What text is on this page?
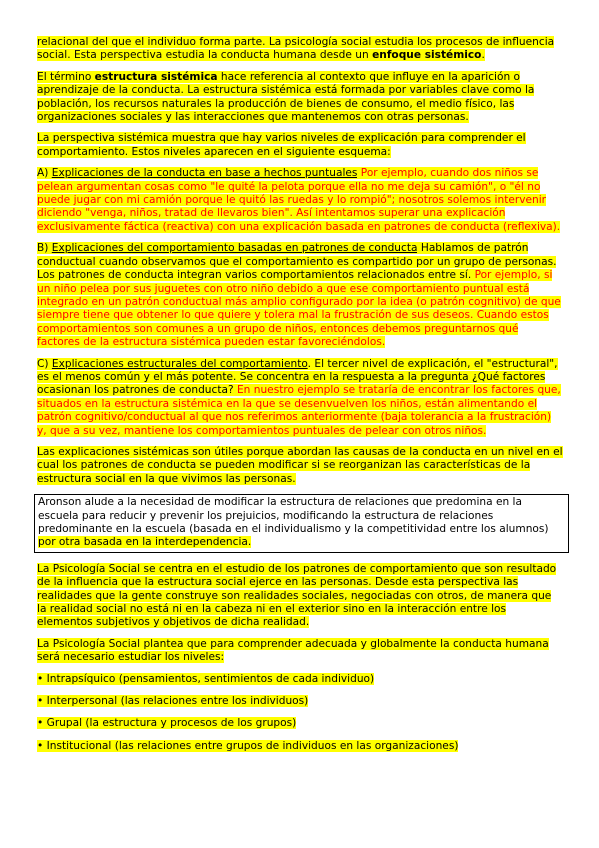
relacional del que el individuo forma parte. La psicología social estudia los procesos de influencia social. Esta perspectiva estudia la conducta humana desde un enfoque sistémico.

El término estructura sistémica hace referencia al contexto que influye en la aparición o aprendizaje de la conducta. La estructura sistémica está formada por variables clave como la población, los recursos naturales la producción de bienes de consumo, el medio físico, las organizaciones sociales y las interacciones que mantenemos con otras personas.

La perspectiva sistémica muestra que hay varios niveles de explicación para comprender el comportamiento. Estos niveles aparecen en el siguiente esquema:

A) Explicaciones de la conducta en base a hechos puntuales Por ejemplo, cuando dos niños se pelean argumentan cosas como "le quité la pelota porque ella no me deja su camión", o "él no puede jugar con mi camión porque le quitó las ruedas y lo rompió"; nosotros solemos intervenir diciendo "venga, niños, tratad de llevaros bien". Así intentamos superar una explicación exclusivamente fáctica (reactiva) con una explicación basada en patrones de conducta (reflexiva).

B) Explicaciones del comportamiento basadas en patrones de conducta Hablamos de patrón conductual cuando observamos que el comportamiento es compartido por un grupo de personas. Los patrones de conducta integran varios comportamientos relacionados entre sí. Por ejemplo, si un niño pelea por sus juguetes con otro niño debido a que ese comportamiento puntual está integrado en un patrón conductual más amplio configurado por la idea (o patrón cognitivo) de que siempre tiene que obtener lo que quiere y tolera mal la frustración de sus deseos. Cuando estos comportamientos son comunes a un grupo de niños, entonces debemos preguntarnos qué factores de la estructura sistémica pueden estar favoreciéndolos.

C) Explicaciones estructurales del comportamiento. El tercer nivel de explicación, el "estructural", es el menos común y el más potente. Se concentra en la respuesta a la pregunta ¿Qué factores ocasionan los patrones de conducta? En nuestro ejemplo se trataría de encontrar los factores que, situados en la estructura sistémica en la que se desenvuelven los niños, están alimentando el patrón cognitivo/conductual al que nos referimos anteriormente (baja tolerancia a la frustración) y, que a su vez, mantiene los comportamientos puntuales de pelear con otros niños.

Las explicaciones sistémicas son útiles porque abordan las causas de la conducta en un nivel en el cual los patrones de conducta se pueden modificar si se reorganizan las características de la estructura social en la que vivimos las personas.

Aronson alude a la necesidad de modificar la estructura de relaciones que predomina en la escuela para reducir y prevenir los prejuicios, modificando la estructura de relaciones predominante en la escuela (basada en el individualismo y la competitividad entre los alumnos) por otra basada en la interdependencia.

La Psicología Social se centra en el estudio de los patrones de comportamiento que son resultado de la influencia que la estructura social ejerce en las personas. Desde esta perspectiva las realidades que la gente construye son realidades sociales, negociadas con otros, de manera que la realidad social no está ni en la cabeza ni en el exterior sino en la interacción entre los elementos subjetivos y objetivos de dicha realidad.

La Psicología Social plantea que para comprender adecuada y globalmente la conducta humana será necesario estudiar los niveles:

• Intrapsíquico (pensamientos, sentimientos de cada individuo)
• Interpersonal (las relaciones entre los individuos)
• Grupal (la estructura y procesos de los grupos)
• Institucional (las relaciones entre grupos de individuos en las organizaciones)
